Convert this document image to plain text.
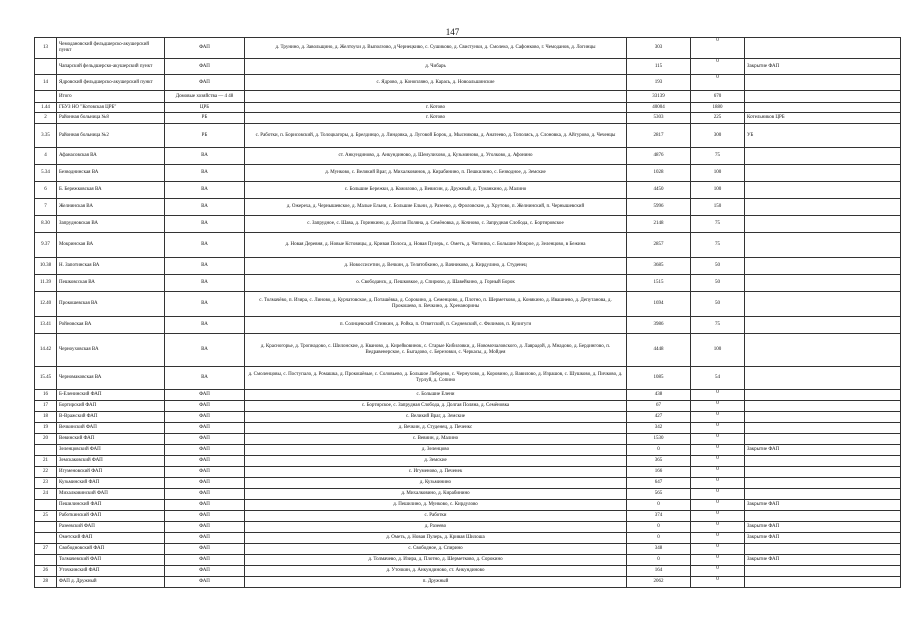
147
13	Чемодановский фельдшерско-акушерский пункт	ФАП	д. Трунино, д. Завольщино, д. Желтоухи д. Выползово, д Чернецкиво, с. Сушиково, д. Свистунки, д. Смолеко, д. Сафонково, г. Чемоданов, д. Логинцы	303	0	
	Чапарский фельдшерско-акушерский пункт	ФАП	д. Чибарь	115	0	Закрытие ФАП
14	Ядровский фельдшерско-акушерский пункт	ФАП	с. Ядрово, д. Конопляно, д. Карась, д. Новоальшинские	193	0	
	Итого	Домовые хозяйства — 4 48		33139	670	
1.44	ГБУЗ НО "Котовская ЦРБ"	ЦРБ	г. Котово	40004	1880	
2	Районная больница №8	РБ	г. Котово	5303	225	Котельников ЦРБ
3.35	Районная больница №2	РБ	с. Работки, п. Борисовский, д. Толоцкагоры, д. Брелдинцо, д. Линдовка, д. Луговой Борок, д. Мысникова, д. Анатеево, д. Тополясь, д. Слоновка, д. Айгурово, д. Чеченцы	2817	300	УБ
4	Афанасовская ВА	ВА	ст. Анкундиново, д. Анкундиново, д. Шеиулихово, д. Кузьминово, д. Уголково, д. Афонино	4876	75	
5.34	Безводнинская ВА	ВА	д. Мунково, с. Великий Враг, д. Михалковинов, д. Кирабинино, п. Пешкилино, с. Безводное, д. Земские	1028	100	
6	Б. Бережковская ВА	ВА	с. Большие Бережки, д. Кожилово, д. Вевисин, д. Дружный, д. Туманкино, д. Малино	4450	100	
7	Желнинская ВА	ВА	д. Ожереха, д. Чернышевское, д. Малые Ельни, с. Большие Ельни, д. Разеево, д. Фроловские, д. Хрутово, п. Желнинский, п. Чернышевский	5996	150	
8.30	Запрудновская ВА	ВА	с. Запрудное, с. Шава, д. Горинкино, д. Долгая Поляна, д. Семёновка, д. Кочново, с. Запрудная Слобода, с. Бортировское	2148	75	
9.37	Мокринская ВА	ВА	д. Новая Деревня, д. Новые Кстовицы, д. Кривая Полоса, д. Новая Пулерь, с. Ометь, д. Чигиина, с. Большие Мокрое, д. Зеленцово, в Бежина	2857	75	
10.38	Н. Запотинская ВА	ВА	д. Новоссисетин, д. Вечкин, д. Телятобкино, д. Вачниково, д. Кирдулино, д. Студенец	3685	50	
11.39	Пешковсская ВА	ВА	о. Свободанск, д. Пешковкое, д. Спирюхо, д. Шавейкино, д. Горный Борок	1515	50	
12.40	Прокошевская ВА	ВА	с. Толмачёво, п. Изира, с. Линово, д. Курчатовское, д. Поташёвка, д. Сорокино, д. Семенцово, д. Плотно, п. Шерметково, д. Конякино, д. Ивашнево, д. Депутанова, д. Прокошево, п. Вечкино, д. Хренанорины	1694	50	
13.41	Ройновская ВА	ВА	п. Солнцевский Стинкин, д. Ройка, п. Отвитский, п. Седневский, с. Филимов, п. Кулигуги	3986	75	
14.42	Черноуховская ВА	ВА	д. Красногорье, д. Тропнадово, с. Шилонские, д. Кваново, д. Кирейковинок, с. Старые Кибиловки, д. Новомочаловского, д. Лаврадой, д. Мнадово, д. Бердингово, п. Ведравенерское, с. Быгадово, с. Березовки, с. Черкасы, д. Мойдея	4448	100	
15.45	Черномаковская ВА	ВА	д. Смоленцовы, с. Поступало, д. Ромашка, д. Прокошёвые, с. Соловьево, д. Большое Лебедево, с. Чернухово, д. Коровино, д. Вавилово, д. Израшов, с. Шушково, д. Пичково, д. Турлуй, д. Сопино	1085	54	
16	Б-Еленинский ФАП	ФАП	с. Большие Елени	438	0	
17	Бортирский ФАП	ФАП	с. Бортирское, с. Запрудная Слобода, д. Долгая Поляна, д. Семёновка	67	0	
18	В-Вражский ФАП	ФАП	с. Великий Враг, д. Земские	427	0	
19	Вечкинский ФАП	ФАП	д. Вечкин, д. Студенец, д. Печенкс	342	0	
20	Вевинский ФАП	ФАП	с. Вевиин, д. Малино	1530	0	
	Зеленцовский ФАП	ФАП	д. Зеленцово	0	0	Закрытие ФАП
21	Земскаковский ФАП	ФАП	д. Земские	365	0	
22	Игуменовский ФАП	ФАП	с. Игуменово, д. Печенек	166	0	
23	Кузьминский ФАП	ФАП	д. Кузьминино	647	0	
24	Михалковинский ФАП	ФАП	д. Михалковино, д. Кирабинино	565	0	
	Пешилинский ФАП	ФАП	д. Пешилино, д. Мунково, с. Кирдулово	0	0	Закрытие ФАП
25	Работкинский ФАП	ФАП	с. Работки	374	0	
	Разеевский ФАП	ФАП	д. Разеево	0	0	Закрытие ФАП
	Ометский ФАП	ФАП	д. Ометь, д. Новая Пулерь, д. Кривая Шилоша	0	0	Закрытие ФАП
27	Свободновский ФАП	ФАП	с. Свободное, д. Спирино	348	0	
	Толмачевский ФАП	ФАП	д. Толмачево, д. Изира, д. Плотно, д. Шерметково, д. Сорокино	0	0	Закрытие ФАП
26	Уточкинский ФАП	ФАП	д. Уточкин, д. Анкундиново, ст. Анкундиново	164	0	
28	ФАП д. Дружный	ФАП	п. Дружный	2062	0	
